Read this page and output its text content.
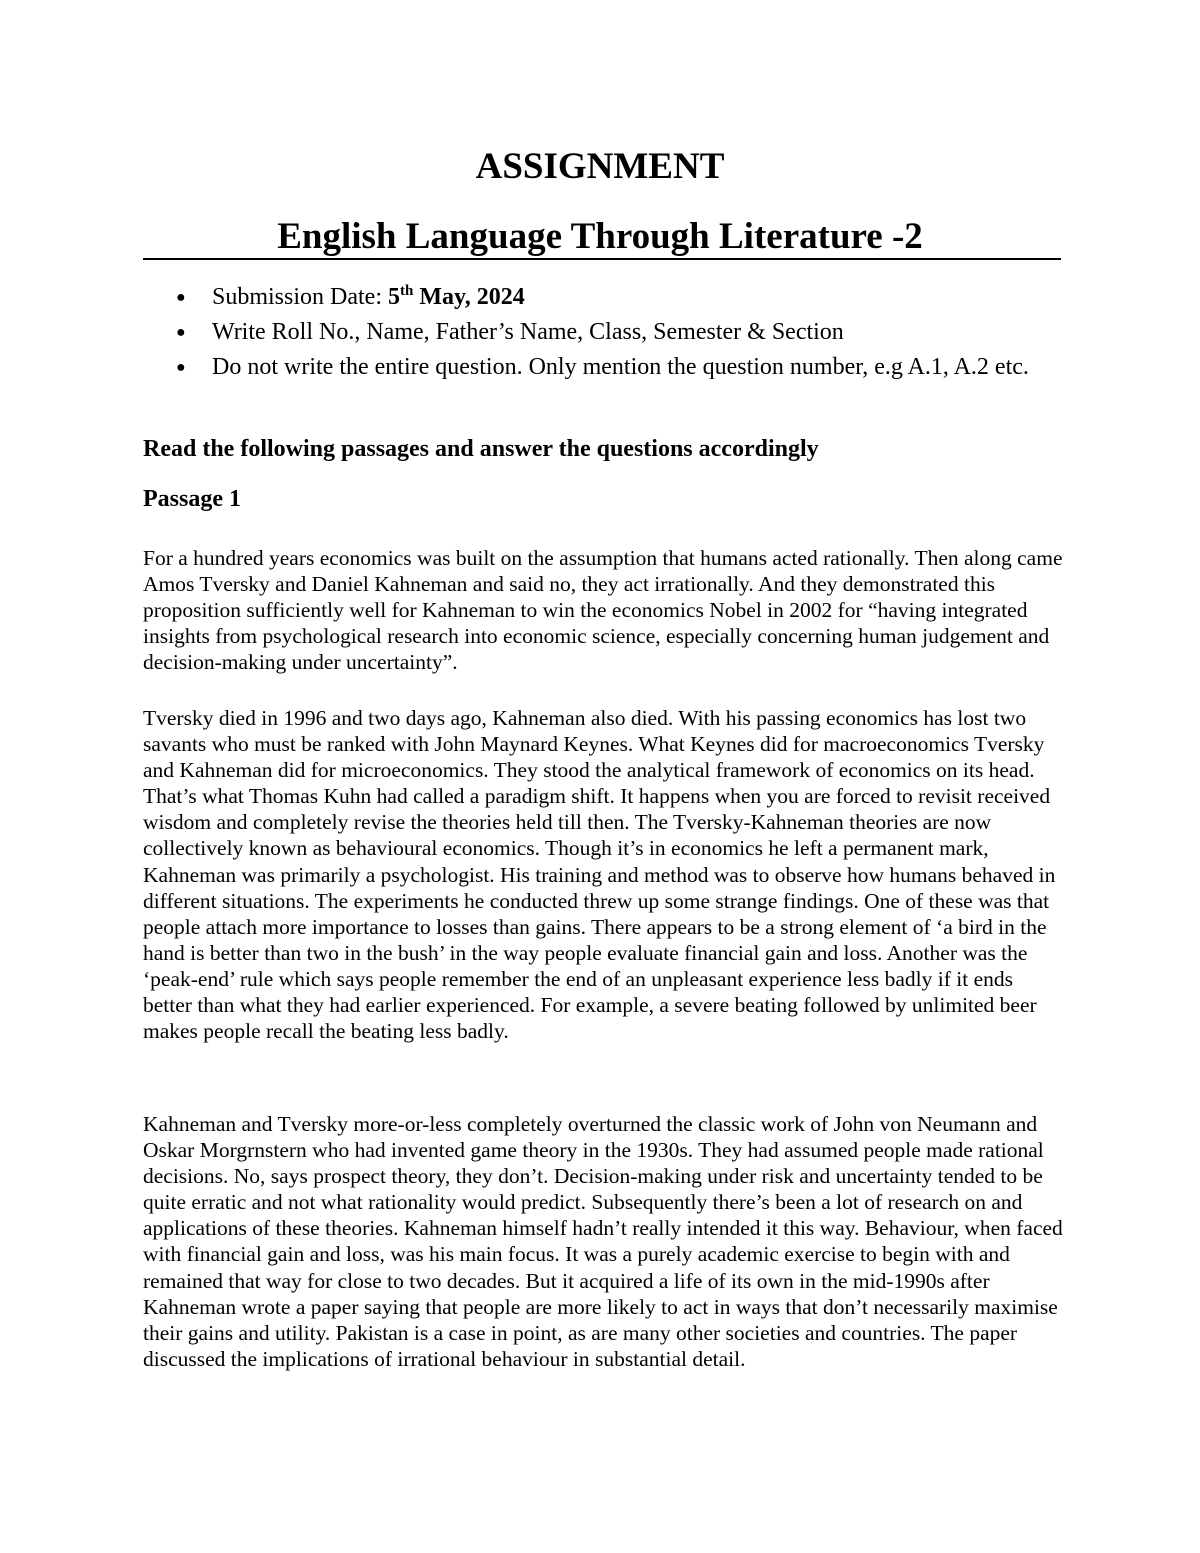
ASSIGNMENT
English Language Through Literature -2
● Submission Date: 5th May, 2024
● Write Roll No., Name, Father’s Name, Class, Semester & Section
● Do not write the entire question. Only mention the question number, e.g A.1, A.2 etc.

Read the following passages and answer the questions accordingly

Passage 1

For a hundred years economics was built on the assumption that humans acted rationally. Then along came Amos Tversky and Daniel Kahneman and said no, they act irrationally. And they demonstrated this proposition sufficiently well for Kahneman to win the economics Nobel in 2002 for “having integrated insights from psychological research into economic science, especially concerning human judgement and decision-making under uncertainty”.

Tversky died in 1996 and two days ago, Kahneman also died. With his passing economics has lost two savants who must be ranked with John Maynard Keynes. What Keynes did for macroeconomics Tversky and Kahneman did for microeconomics. They stood the analytical framework of economics on its head. That’s what Thomas Kuhn had called a paradigm shift. It happens when you are forced to revisit received wisdom and completely revise the theories held till then. The Tversky-Kahneman theories are now collectively known as behavioural economics. Though it’s in economics he left a permanent mark, Kahneman was primarily a psychologist. His training and method was to observe how humans behaved in different situations. The experiments he conducted threw up some strange findings. One of these was that people attach more importance to losses than gains. There appears to be a strong element of ‘a bird in the hand is better than two in the bush’ in the way people evaluate financial gain and loss. Another was the ‘peak-end’ rule which says people remember the end of an unpleasant experience less badly if it ends better than what they had earlier experienced. For example, a severe beating followed by unlimited beer makes people recall the beating less badly.

Kahneman and Tversky more-or-less completely overturned the classic work of John von Neumann and Oskar Morgrnstern who had invented game theory in the 1930s. They had assumed people made rational decisions. No, says prospect theory, they don’t. Decision-making under risk and uncertainty tended to be quite erratic and not what rationality would predict. Subsequently there’s been a lot of research on and applications of these theories. Kahneman himself hadn’t really intended it this way. Behaviour, when faced with financial gain and loss, was his main focus. It was a purely academic exercise to begin with and remained that way for close to two decades. But it acquired a life of its own in the mid-1990s after Kahneman wrote a paper saying that people are more likely to act in ways that don’t necessarily maximise their gains and utility. Pakistan is a case in point, as are many other societies and countries. The paper discussed the implications of irrational behaviour in substantial detail.
